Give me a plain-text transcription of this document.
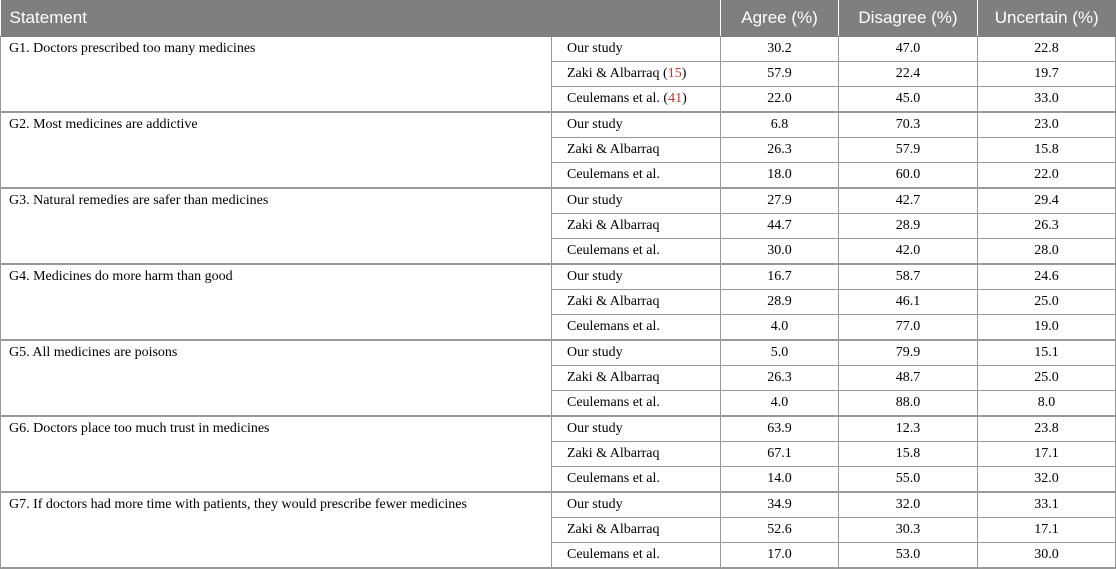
Statement		Agree (%)	Disagree (%)	Uncertain (%)
G1. Doctors prescribed too many medicines	Our study	30.2	47.0	22.8
	Zaki & Albarraq (15)	57.9	22.4	19.7
	Ceulemans et al. (41)	22.0	45.0	33.0
G2. Most medicines are addictive	Our study	6.8	70.3	23.0
	Zaki & Albarraq	26.3	57.9	15.8
	Ceulemans et al.	18.0	60.0	22.0
G3. Natural remedies are safer than medicines	Our study	27.9	42.7	29.4
	Zaki & Albarraq	44.7	28.9	26.3
	Ceulemans et al.	30.0	42.0	28.0
G4. Medicines do more harm than good	Our study	16.7	58.7	24.6
	Zaki & Albarraq	28.9	46.1	25.0
	Ceulemans et al.	4.0	77.0	19.0
G5. All medicines are poisons	Our study	5.0	79.9	15.1
	Zaki & Albarraq	26.3	48.7	25.0
	Ceulemans et al.	4.0	88.0	8.0
G6. Doctors place too much trust in medicines	Our study	63.9	12.3	23.8
	Zaki & Albarraq	67.1	15.8	17.1
	Ceulemans et al.	14.0	55.0	32.0
G7. If doctors had more time with patients, they would prescribe fewer medicines	Our study	34.9	32.0	33.1
	Zaki & Albarraq	52.6	30.3	17.1
	Ceulemans et al.	17.0	53.0	30.0
